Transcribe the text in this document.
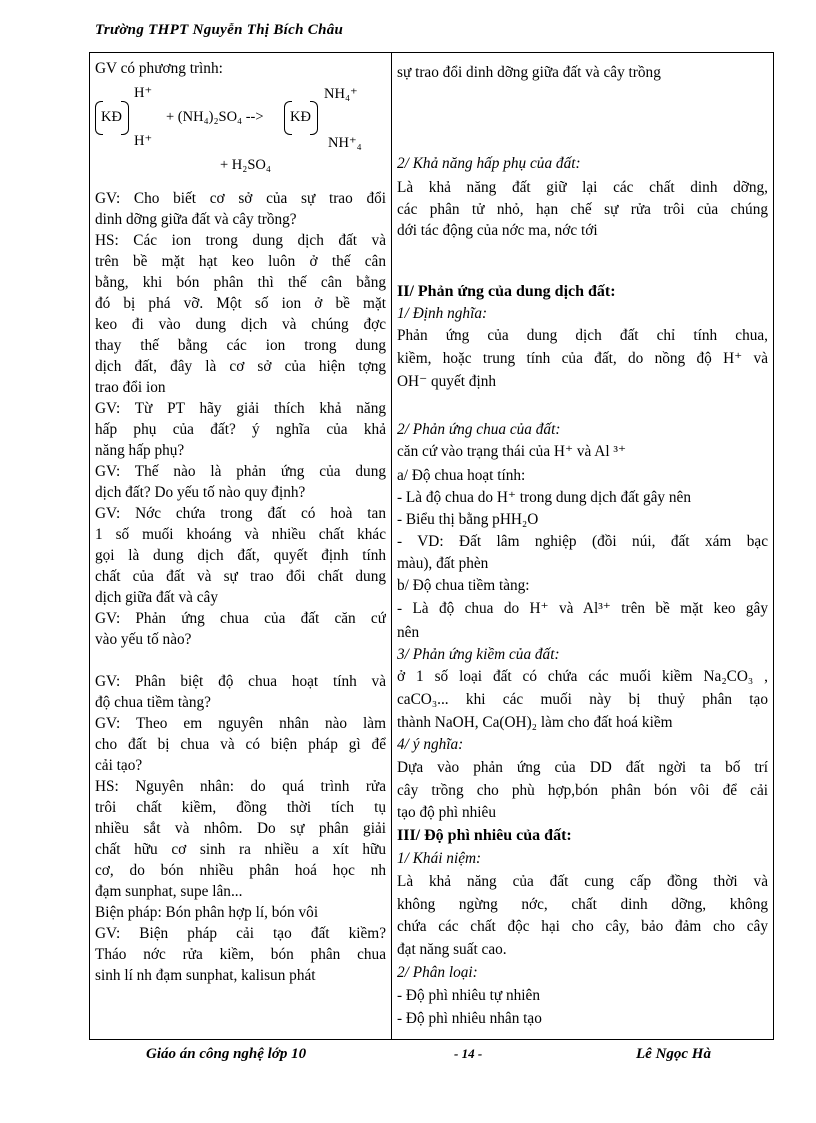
Trường THPT Nguyễn Thị Bích Châu
GV có phương trình:
H⁺
KĐ	+ (NH₄)₂SO₄ --> KĐ
NH₄⁺
H⁺	NH⁺₄
+ H₂SO₄
GV: Cho biết cơ sở của sự trao đổi
dinh dỡng giữa đất và cây trồng?
HS: Các ion trong dung dịch đất và
trên bề mặt hạt keo luôn ở thế cân
bằng, khi bón phân thì thế cân bằng
đó bị phá vỡ. Một số ion ở bề mặt
keo đi vào dung dịch và chúng đợc
thay thế bằng các ion trong dung
dịch đất, đây là cơ sở của hiện tợng
trao đổi ion
GV: Từ PT hãy giải thích khả năng
hấp phụ của đất? ý nghĩa của khả
năng hấp phụ?
GV: Thế nào là phản ứng của dung
dịch đất? Do yếu tố nào quy định?
GV: Nớc chứa trong đất có hoà tan
1 số muối khoáng và nhiều chất khác
gọi là dung dịch đất, quyết định tính
chất của đất và sự trao đổi chất dung
dịch giữa đất và cây
GV: Phản ứng chua của đất căn cứ
vào yếu tố nào?
GV: Phân biệt độ chua hoạt tính và
độ chua tiềm tàng?
GV: Theo em nguyên nhân nào làm
cho đất bị chua và có biện pháp gì để
cải tạo?
HS: Nguyên nhân: do quá trình rửa
trôi chất kiềm, đồng thời tích tụ
nhiều sắt và nhôm. Do sự phân giải
chất hữu cơ sinh ra nhiều a xít hữu
cơ, do bón nhiều phân hoá học nh
đạm sunphat, supe lân...
Biện pháp: Bón phân hợp lí, bón vôi
GV: Biện pháp cải tạo đất kiềm?
Tháo nớc rửa kiềm, bón phân chua
sinh lí nh đạm sunphat, kalisun phát
sự trao đổi dinh dỡng giữa đất và cây trồng
2/ Khả năng hấp phụ của đất:
Là khả năng đất giữ lại các chất dinh dỡng,
các phân tử nhỏ, hạn chế sự rửa trôi của chúng
dới tác động của nớc ma, nớc tới
II/ Phản ứng của dung dịch đất:
1/ Định nghĩa:
Phản ứng của dung dịch đất chỉ tính chua,
kiềm, hoặc trung tính của đất, do nồng độ H⁺ và
OH⁻ quyết định
2/ Phản ứng chua của đất:
căn cứ vào trạng thái của H⁺ và Al ³⁺
a/ Độ chua hoạt tính:
- Là độ chua do H⁺ trong dung dịch đất gây nên
- Biểu thị bằng pHH₂O
- VD: Đất lâm nghiệp (đồi núi, đất xám bạc
màu), đất phèn
b/ Độ chua tiềm tàng:
- Là độ chua do H⁺ và Al³⁺ trên bề mặt keo gây
nên
3/ Phản ứng kiềm của đất:
ở 1 số loại đất có chứa các muối kiềm Na₂CO₃ ,
caCO₃... khi các muối này bị thuỷ phân tạo
thành NaOH, Ca(OH)₂ làm cho đất hoá kiềm
4/ ý nghĩa:
Dựa vào phản ứng của DD đất ngời ta bố trí
cây trồng cho phù hợp,bón phân bón vôi để cải
tạo độ phì nhiêu
III/ Độ phì nhiêu của đất:
1/ Khái niệm:
Là khả năng của đất cung cấp đồng thời và
không ngừng nớc, chất dinh dỡng, không
chứa các chất độc hại cho cây, bảo đảm cho cây
đạt năng suất cao.
2/ Phân loại:
- Độ phì nhiêu tự nhiên
- Độ phì nhiêu nhân tạo
Giáo án công nghệ lớp 10	- 14 -	Lê Ngọc Hà
